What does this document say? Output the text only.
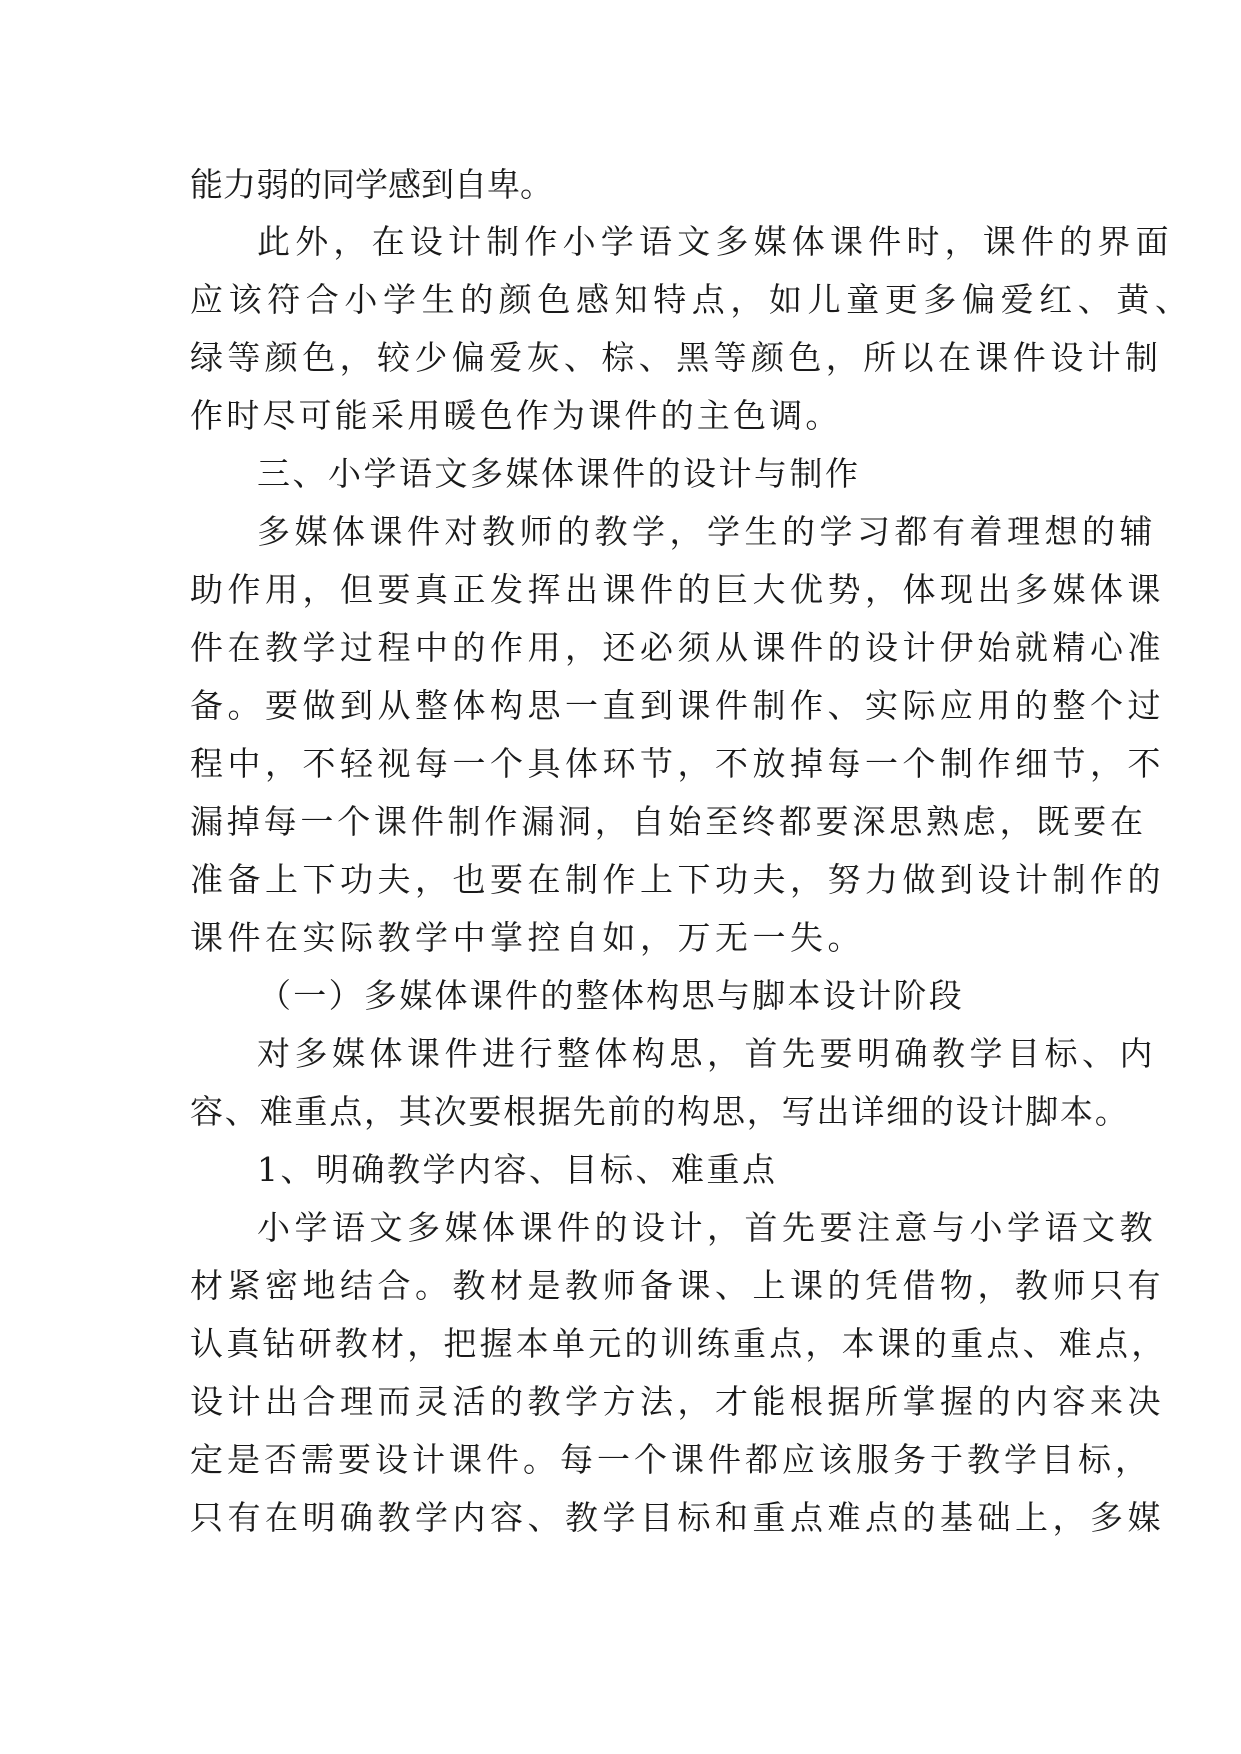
能力弱的同学感到自卑。
此外，在设计制作小学语文多媒体课件时，课件的界面
应该符合小学生的颜色感知特点，如儿童更多偏爱红、黄、
绿等颜色，较少偏爱灰、棕、黑等颜色，所以在课件设计制
作时尽可能采用暖色作为课件的主色调。
三、小学语文多媒体课件的设计与制作
多媒体课件对教师的教学，学生的学习都有着理想的辅
助作用，但要真正发挥出课件的巨大优势，体现出多媒体课
件在教学过程中的作用，还必须从课件的设计伊始就精心准
备。要做到从整体构思一直到课件制作、实际应用的整个过
程中，不轻视每一个具体环节，不放掉每一个制作细节，不
漏掉每一个课件制作漏洞，自始至终都要深思熟虑，既要在
准备上下功夫，也要在制作上下功夫，努力做到设计制作的
课件在实际教学中掌控自如，万无一失。
（一）多媒体课件的整体构思与脚本设计阶段
对多媒体课件进行整体构思，首先要明确教学目标、内
容、难重点，其次要根据先前的构思，写出详细的设计脚本。
1、明确教学内容、目标、难重点
小学语文多媒体课件的设计，首先要注意与小学语文教
材紧密地结合。教材是教师备课、上课的凭借物，教师只有
认真钻研教材，把握本单元的训练重点，本课的重点、难点，
设计出合理而灵活的教学方法，才能根据所掌握的内容来决
定是否需要设计课件。每一个课件都应该服务于教学目标，
只有在明确教学内容、教学目标和重点难点的基础上，多媒
